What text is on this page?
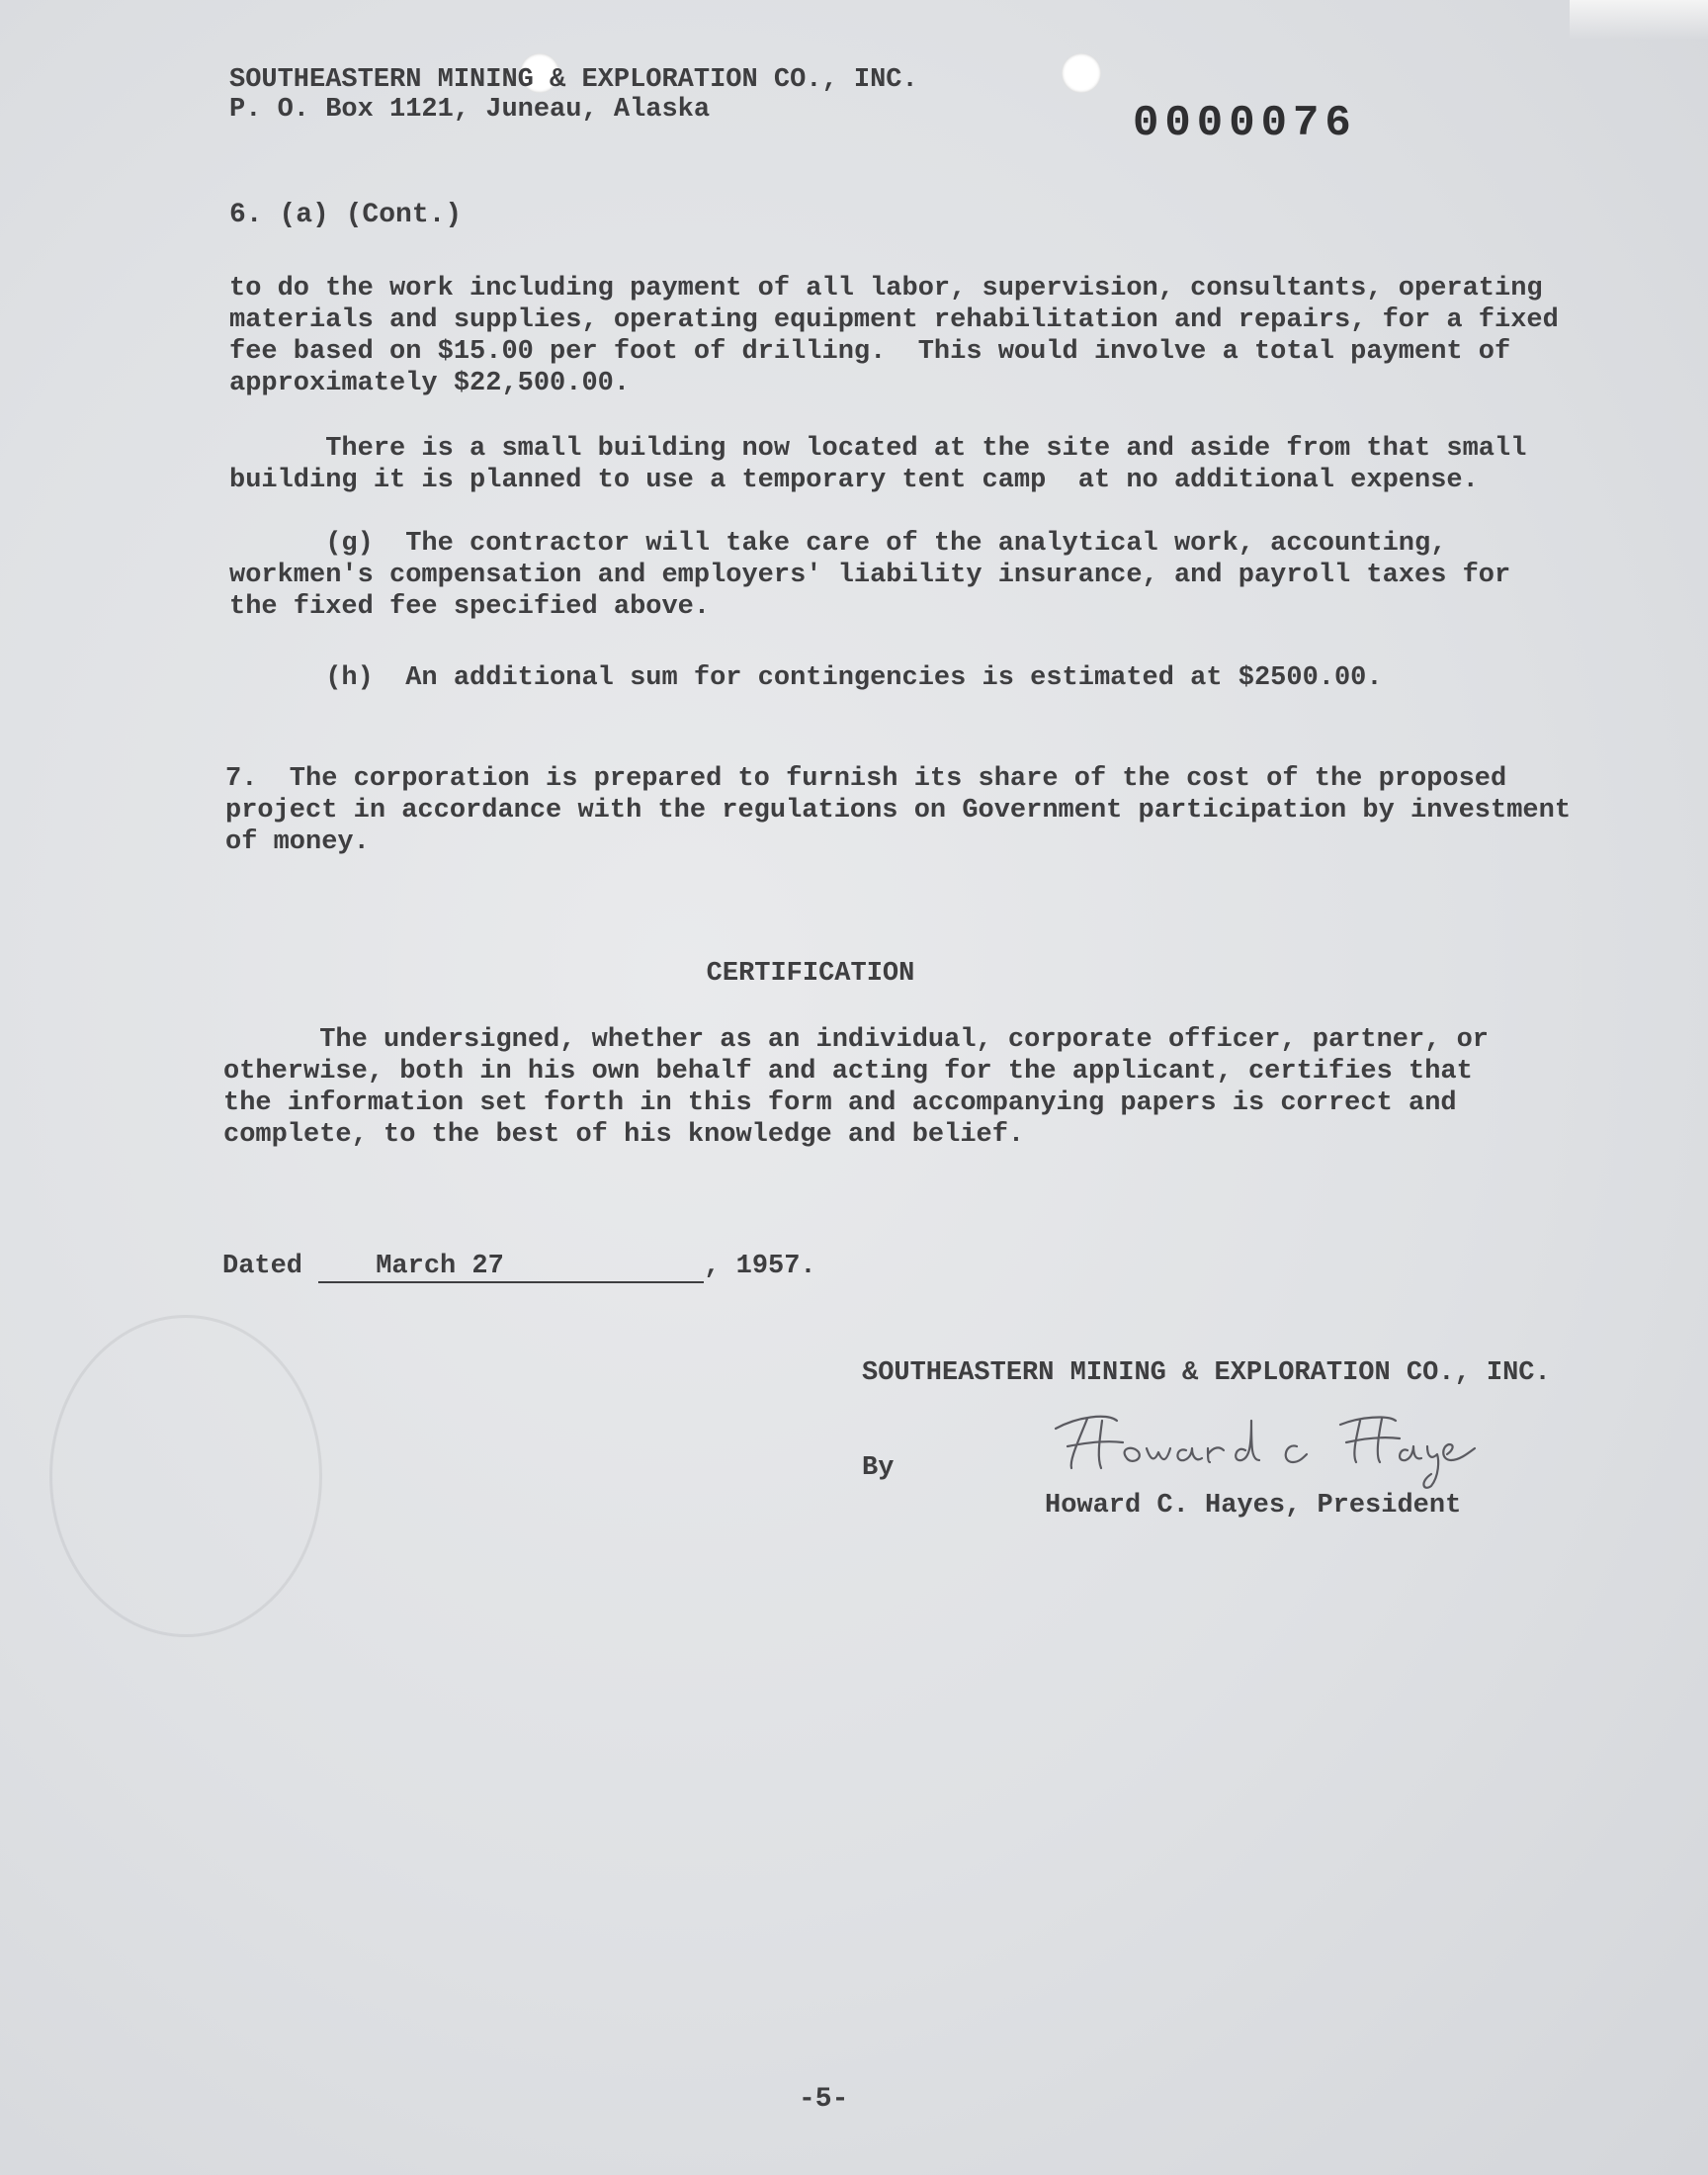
SOUTHEASTERN MINING & EXPLORATION CO., INC.
P. O. Box 1121, Juneau, Alaska	0000076
6. (a) (Cont.)
to do the work including payment of all labor, supervision, consultants, operating
materials and supplies, operating equipment rehabilitation and repairs, for a fixed
fee based on $15.00 per foot of drilling.  This would involve a total payment of
approximately $22,500.00.
There is a small building now located at the site and aside from that small
building it is planned to use a temporary tent camp  at no additional expense.
(g)  The contractor will take care of the analytical work, accounting,
workmen's compensation and employers' liability insurance, and payroll taxes for
the fixed fee specified above.
(h)  An additional sum for contingencies is estimated at $2500.00.
7.  The corporation is prepared to furnish its share of the cost of the proposed
project in accordance with the regulations on Government participation by investment
of money.
CERTIFICATION
The undersigned, whether as an individual, corporate officer, partner, or
otherwise, both in his own behalf and acting for the applicant, certifies that
the information set forth in this form and accompanying papers is correct and
complete, to the best of his knowledge and belief.
Dated	March 27	, 1957.
SOUTHEASTERN MINING & EXPLORATION CO., INC.
By
Howard C. Hayes, President
-5-
